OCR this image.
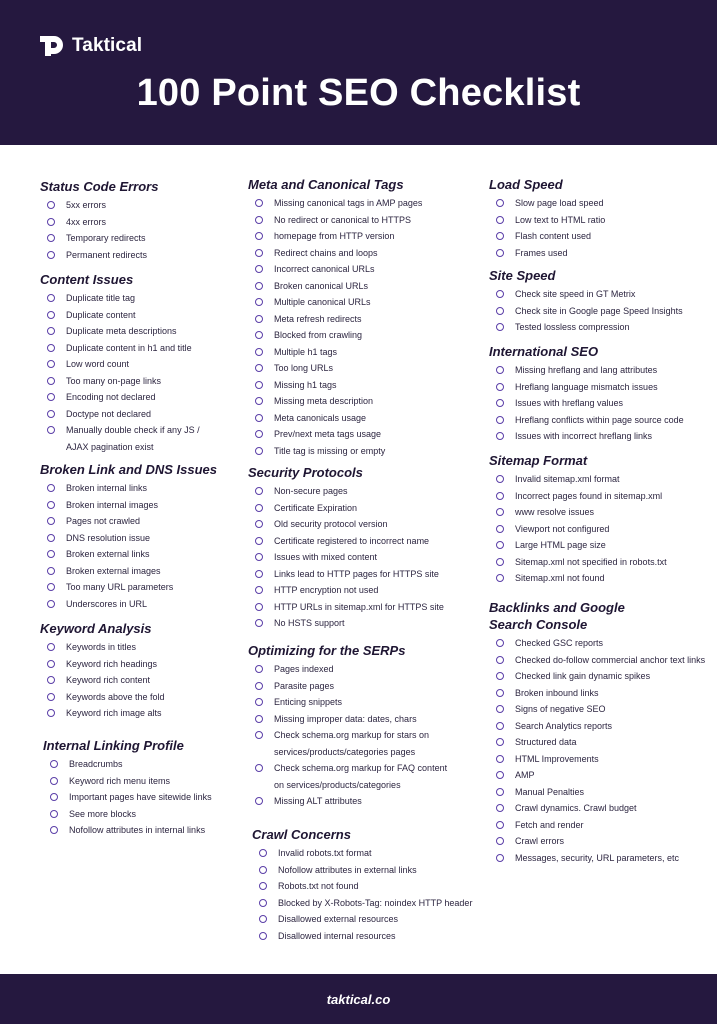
Taktical
100 Point SEO Checklist
Status Code Errors
5xx errors
4xx errors
Temporary redirects
Permanent redirects
Content Issues
Duplicate title tag
Duplicate content
Duplicate meta descriptions
Duplicate content in h1 and title
Low word count
Too many on-page links
Encoding not declared
Doctype not declared
Manually double check if any JS /
AJAX pagination exist
Broken Link and DNS Issues
Broken internal links
Broken internal images
Pages not crawled
DNS resolution issue
Broken external links
Broken external images
Too many URL parameters
Underscores in URL
Keyword Analysis
Keywords in titles
Keyword rich headings
Keyword rich content
Keywords above the fold
Keyword rich image alts
Internal Linking Profile
Breadcrumbs
Keyword rich menu items
Important pages have sitewide links
See more blocks
Nofollow attributes in internal links
Meta and Canonical Tags
Missing canonical tags in AMP pages
No redirect or canonical to HTTPS
homepage from HTTP version
Redirect chains and loops
Incorrect canonical URLs
Broken canonical URLs
Multiple canonical URLs
Meta refresh redirects
Blocked from crawling
Multiple h1 tags
Too long URLs
Missing h1 tags
Missing meta description
Meta canonicals usage
Prev/next meta tags usage
Title tag is missing or empty
Security Protocols
Non-secure pages
Certificate Expiration
Old security protocol version
Certificate registered to incorrect name
Issues with mixed content
Links lead to HTTP pages for HTTPS site
HTTP encryption not used
HTTP URLs in sitemap.xml for HTTPS site
No HSTS support
Optimizing for the SERPs
Pages indexed
Parasite pages
Enticing snippets
Missing improper data: dates, chars
Check schema.org markup for stars on
services/products/categories pages
Check schema.org markup for FAQ content
on services/products/categories
Missing ALT attributes
Crawl Concerns
Invalid robots.txt format
Nofollow attributes in external links
Robots.txt not found
Blocked by X-Robots-Tag: noindex HTTP header
Disallowed external resources
Disallowed internal resources
Load Speed
Slow page load speed
Low text to HTML ratio
Flash content used
Frames used
Site Speed
Check site speed in GT Metrix
Check site in Google page Speed Insights
Tested lossless compression
International SEO
Missing hreflang and lang attributes
Hreflang language mismatch issues
Issues with hreflang values
Hreflang conflicts within page source code
Issues with incorrect hreflang links
Sitemap Format
Invalid sitemap.xml format
Incorrect pages found in sitemap.xml
www resolve issues
Viewport not configured
Large HTML page size
Sitemap.xml not specified in robots.txt
Sitemap.xml not found
Backlinks and Google
Search Console
Checked GSC reports
Checked do-follow commercial anchor text links
Checked link gain dynamic spikes
Broken inbound links
Signs of negative SEO
Search Analytics reports
Structured data
HTML Improvements
AMP
Manual Penalties
Crawl dynamics. Crawl budget
Fetch and render
Crawl errors
Messages, security, URL parameters, etc
taktical.co
